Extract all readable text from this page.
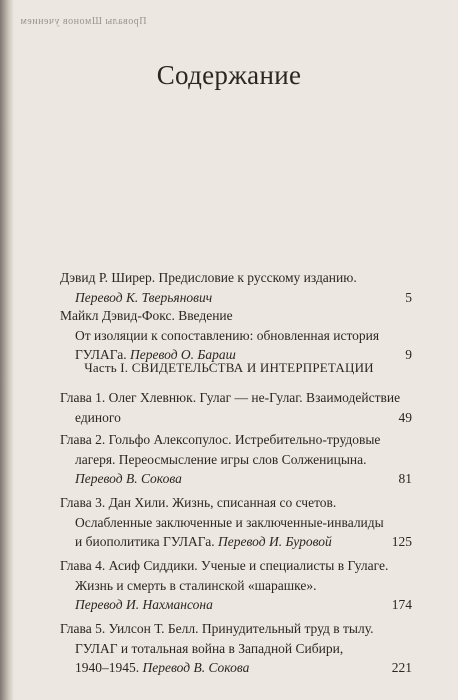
Провалы Шмонов учением
Содержание
Дэвид Р. Ширер. Предисловие к русскому изданию.
Перевод К. Тверьянович	5
Майкл Дэвид-Фокс. Введение
От изоляции к сопоставлению: обновленная история
ГУЛАГа. Перевод О. Бараш	9
Часть I. СВИДЕТЕЛЬСТВА И ИНТЕРПРЕТАЦИИ
Глава 1. Олег Хлевнюк. Гулаг — не-Гулаг. Взаимодействие
единого	49
Глава 2. Гольфо Алексопулос. Истребительно-трудовые
лагеря. Переосмысление игры слов Солженицына.
Перевод В. Сокова	81
Глава 3. Дан Хили. Жизнь, списанная со счетов.
Ослабленные заключенные и заключенные-инвалиды
и биополитика ГУЛАГа. Перевод И. Буровой	125
Глава 4. Асиф Сиддики. Ученые и специалисты в Гулаге.
Жизнь и смерть в сталинской «шарашке».
Перевод И. Нахмансона	174
Глава 5. Уилсон Т. Белл. Принудительный труд в тылу.
ГУЛАГ и тотальная война в Западной Сибири,
1940–1945. Перевод В. Сокова	221
